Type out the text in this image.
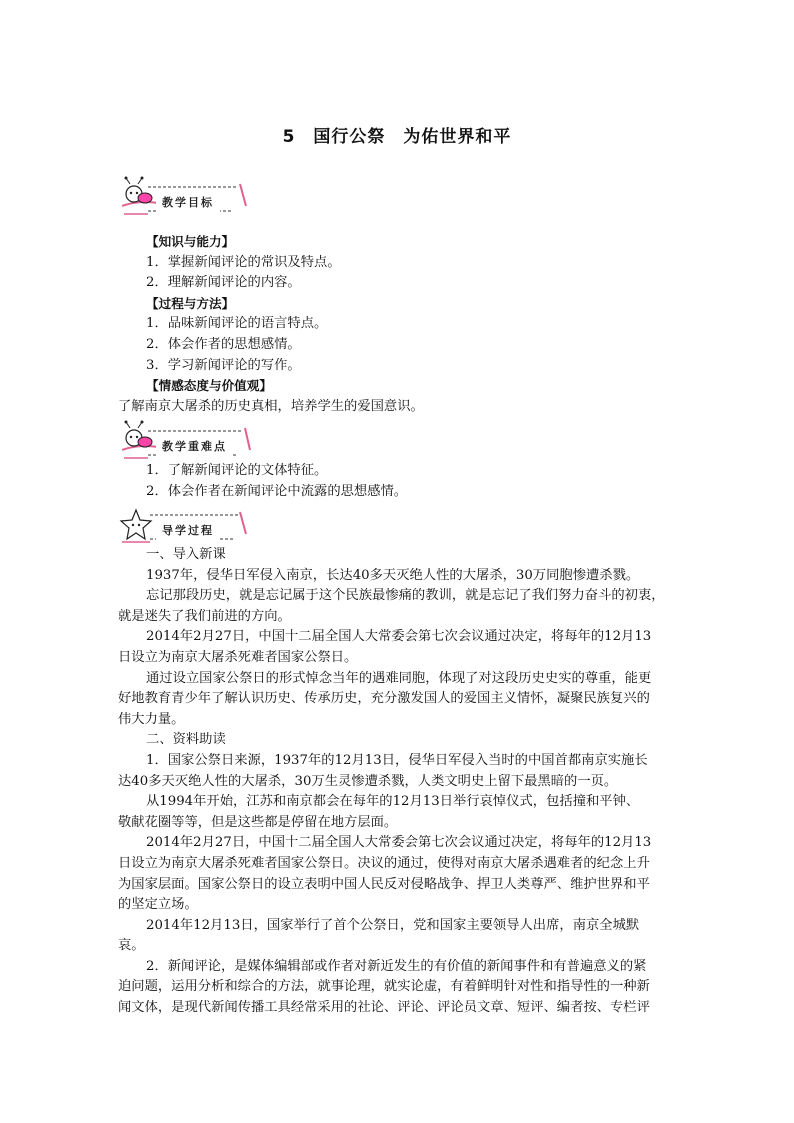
5　国行公祭　为佑世界和平
教学目标
【知识与能力】
1．掌握新闻评论的常识及特点。
2．理解新闻评论的内容。
【过程与方法】
1．品味新闻评论的语言特点。
2．体会作者的思想感情。
3．学习新闻评论的写作。
【情感态度与价值观】
了解南京大屠杀的历史真相，培养学生的爱国意识。
教学重难点
1．了解新闻评论的文体特征。
2．体会作者在新闻评论中流露的思想感情。
导学过程
一、导入新课
1937年，侵华日军侵入南京，长达40多天灭绝人性的大屠杀，30万同胞惨遭杀戮。
忘记那段历史，就是忘记属于这个民族最惨痛的教训，就是忘记了我们努力奋斗的初衷，
就是迷失了我们前进的方向。
2014年2月27日，中国十二届全国人大常委会第七次会议通过决定，将每年的12月13
日设立为南京大屠杀死难者国家公祭日。
通过设立国家公祭日的形式悼念当年的遇难同胞，体现了对这段历史史实的尊重，能更
好地教育青少年了解认识历史、传承历史，充分激发国人的爱国主义情怀，凝聚民族复兴的
伟大力量。
二、资料助读
1．国家公祭日来源，1937年的12月13日，侵华日军侵入当时的中国首都南京实施长
达40多天灭绝人性的大屠杀，30万生灵惨遭杀戮，人类文明史上留下最黑暗的一页。
从1994年开始，江苏和南京都会在每年的12月13日举行哀悼仪式，包括撞和平钟、
敬献花圈等等，但是这些都是停留在地方层面。
2014年2月27日，中国十二届全国人大常委会第七次会议通过决定，将每年的12月13
日设立为南京大屠杀死难者国家公祭日。决议的通过，使得对南京大屠杀遇难者的纪念上升
为国家层面。国家公祭日的设立表明中国人民反对侵略战争、捍卫人类尊严、维护世界和平
的坚定立场。
2014年12月13日，国家举行了首个公祭日，党和国家主要领导人出席，南京全城默
哀。
2．新闻评论，是媒体编辑部或作者对新近发生的有价值的新闻事件和有普遍意义的紧
迫问题，运用分析和综合的方法，就事论理，就实论虚，有着鲜明针对性和指导性的一种新
闻文体，是现代新闻传播工具经常采用的社论、评论、评论员文章、短评、编者按、专栏评
